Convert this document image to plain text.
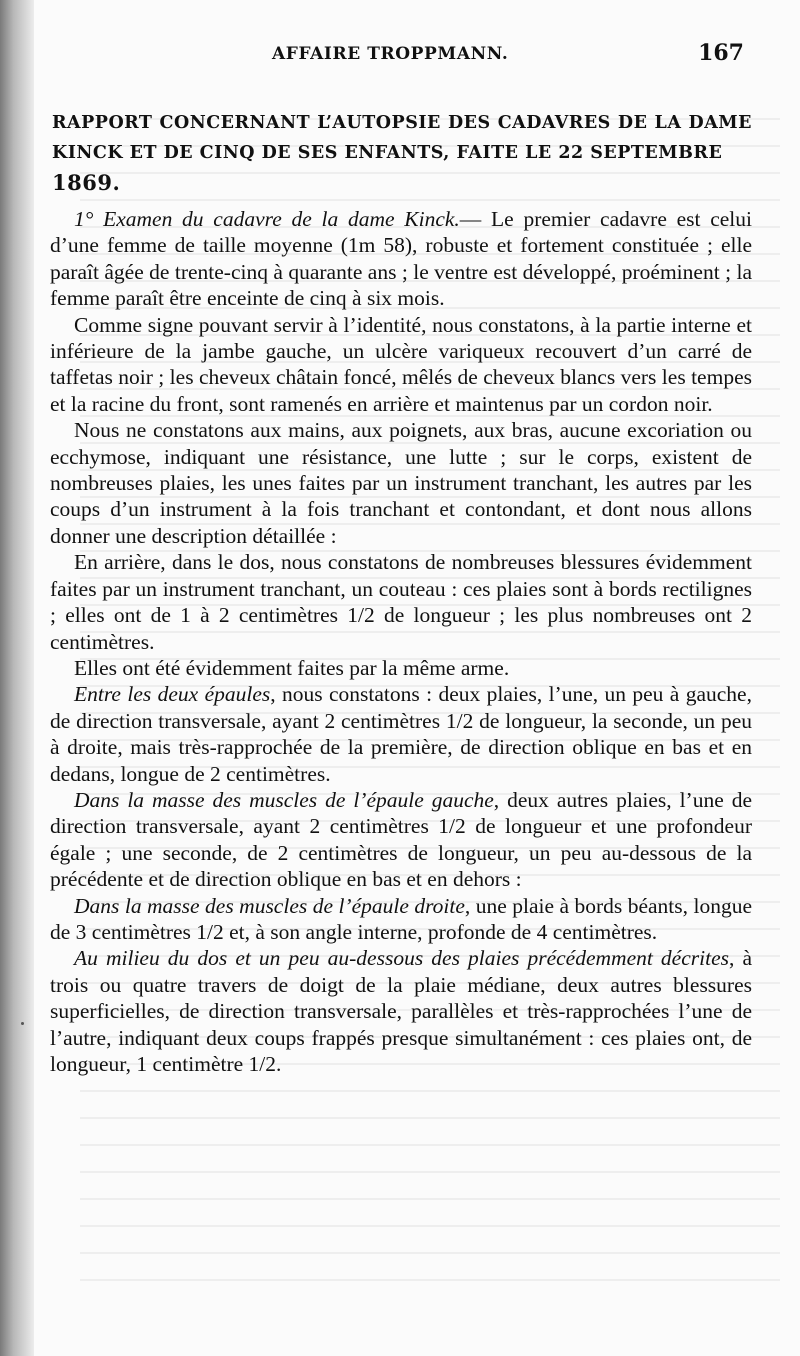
AFFAIRE TROPPMANN.	167
RAPPORT CONCERNANT L’AUTOPSIE DES CADAVRES DE LA DAME KINCK ET DE CINQ DE SES ENFANTS, FAITE LE 22 SEPTEMBRE
1869.

1° Examen du cadavre de la dame Kinck.— Le premier cadavre est celui d’une femme de taille moyenne (1m 58), robuste et fortement constituée ; elle paraît âgée de trente-cinq à quarante ans ; le ventre est développé, proéminent ; la femme paraît être enceinte de cinq à six mois.

Comme signe pouvant servir à l’identité, nous constatons, à la partie interne et inférieure de la jambe gauche, un ulcère variqueux recouvert d’un carré de taffetas noir ; les cheveux châtain foncé, mêlés de cheveux blancs vers les tempes et la racine du front, sont ramenés en arrière et maintenus par un cordon noir.

Nous ne constatons aux mains, aux poignets, aux bras, aucune excoriation ou ecchymose, indiquant une résistance, une lutte ; sur le corps, existent de nombreuses plaies, les unes faites par un instrument tranchant, les autres par les coups d’un instrument à la fois tranchant et contondant, et dont nous allons donner une description détaillée :

En arrière, dans le dos, nous constatons de nombreuses blessures évidemment faites par un instrument tranchant, un couteau : ces plaies sont à bords rectilignes ; elles ont de 1 à 2 centimètres 1/2 de longueur ; les plus nombreuses ont 2 centimètres.

Elles ont été évidemment faites par la même arme.

Entre les deux épaules, nous constatons : deux plaies, l’une, un peu à gauche, de direction transversale, ayant 2 centimètres 1/2 de longueur, la seconde, un peu à droite, mais très-rapprochée de la première, de direction oblique en bas et en dedans, longue de 2 centimètres.

Dans la masse des muscles de l’épaule gauche, deux autres plaies, l’une de direction transversale, ayant 2 centimètres 1/2 de longueur et une profondeur égale ; une seconde, de 2 centimètres de longueur, un peu au-dessous de la précédente et de direction oblique en bas et en dehors :

Dans la masse des muscles de l’épaule droite, une plaie à bords béants, longue de 3 centimètres 1/2 et, à son angle interne, profonde de 4 centimètres.

Au milieu du dos et un peu au-dessous des plaies précédemment décrites, à trois ou quatre travers de doigt de la plaie médiane, deux autres blessures superficielles, de direction transversale, parallèles et très-rapprochées l’une de l’autre, indiquant deux coups frappés presque simultanément : ces plaies ont, de longueur, 1 centimètre 1/2.
